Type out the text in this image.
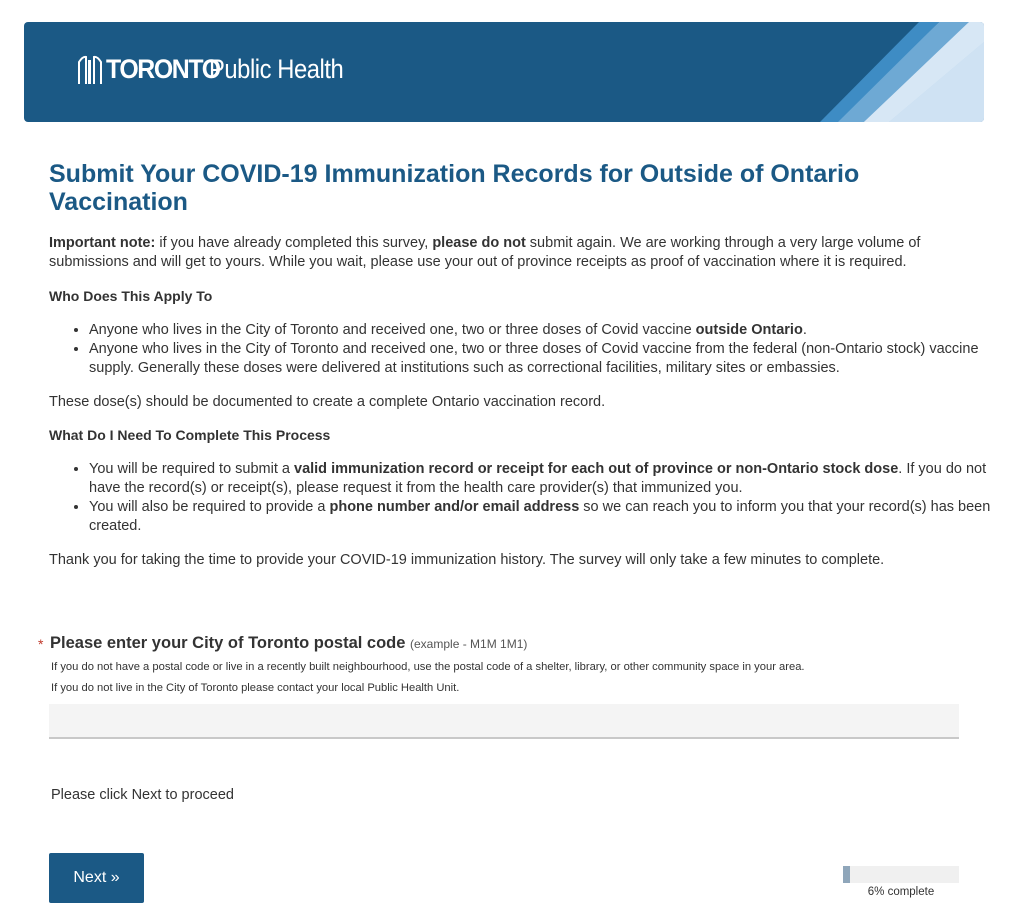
TORONTO
Public Health
Submit Your COVID-19 Immunization Records for Outside of Ontario Vaccination

Important note: if you have already completed this survey, please do not submit again. We are working through a very large volume of submissions and will get to yours. While you wait, please use your out of province receipts as proof of vaccination where it is required.

Who Does This Apply To
• Anyone who lives in the City of Toronto and received one, two or three doses of Covid vaccine outside Ontario.
• Anyone who lives in the City of Toronto and received one, two or three doses of Covid vaccine from the federal (non-Ontario stock) vaccine supply. Generally these doses were delivered at institutions such as correctional facilities, military sites or embassies.

These dose(s) should be documented to create a complete Ontario vaccination record.

What Do I Need To Complete This Process
• You will be required to submit a valid immunization record or receipt for each out of province or non-Ontario stock dose. If you do not have the record(s) or receipt(s), please request it from the health care provider(s) that immunized you.
• You will also be required to provide a phone number and/or email address so we can reach you to inform you that your record(s) has been created.

Thank you for taking the time to provide your COVID-19 immunization history. The survey will only take a few minutes to complete.

* Please enter your City of Toronto postal code (example - M1M 1M1)
If you do not have a postal code or live in a recently built neighbourhood, use the postal code of a shelter, library, or other community space in your area.
If you do not live in the City of Toronto please contact your local Public Health Unit.

Please click Next to proceed

Next »
6% complete
